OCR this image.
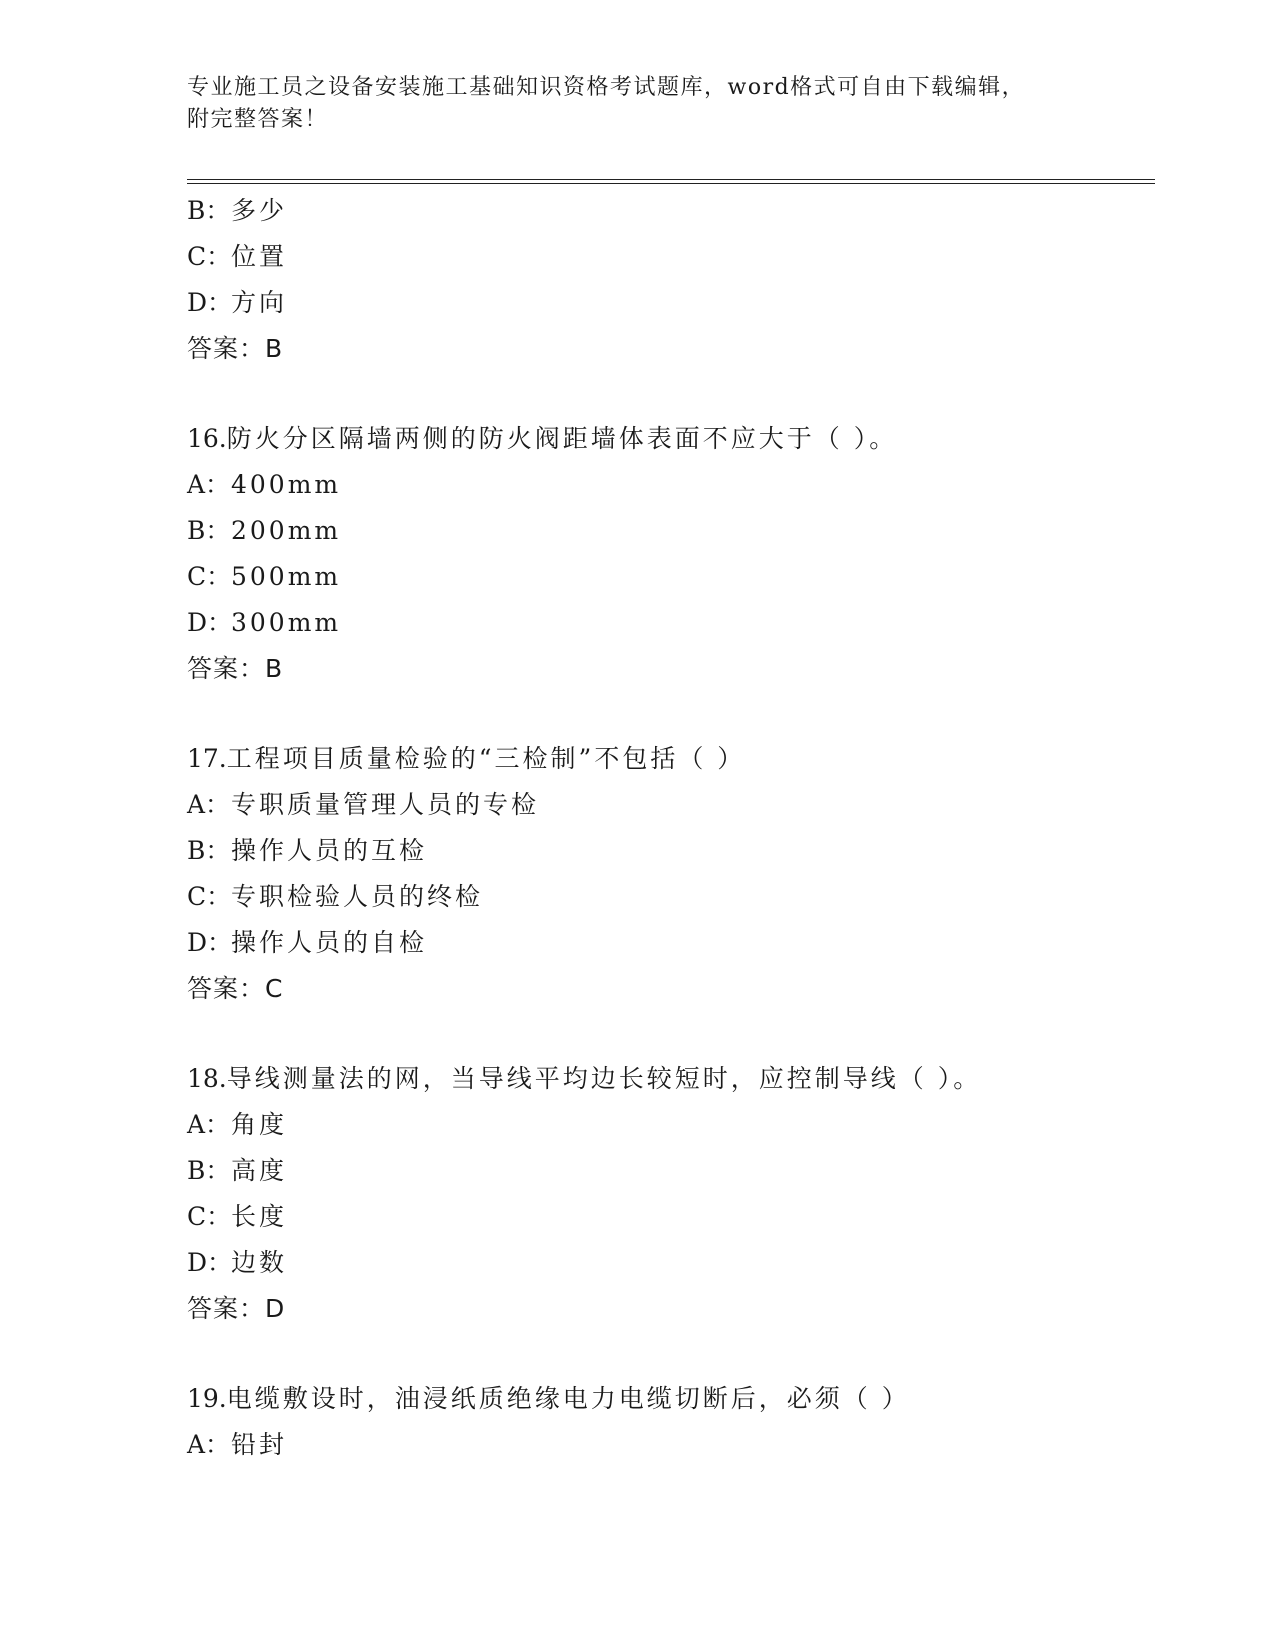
专业施工员之设备安装施工基础知识资格考试题库，word格式可自由下载编辑，
附完整答案！
B：多少
C：位置
D：方向
答案：B
16.防火分区隔墙两侧的防火阀距墙体表面不应大于（ ）。
A：400mm
B：200mm
C：500mm
D：300mm
答案：B
17.工程项目质量检验的“三检制”不包括（ ）
A：专职质量管理人员的专检
B：操作人员的互检
C：专职检验人员的终检
D：操作人员的自检
答案：C
18.导线测量法的网，当导线平均边长较短时，应控制导线（ ）。
A：角度
B：高度
C：长度
D：边数
答案：D
19.电缆敷设时，油浸纸质绝缘电力电缆切断后，必须（ ）
A：铅封
